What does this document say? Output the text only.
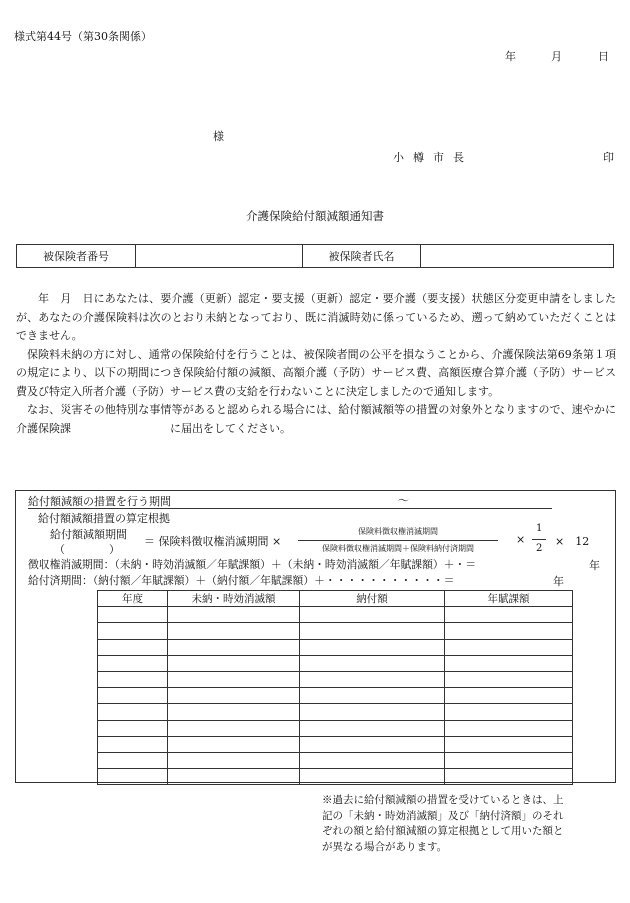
様式第44号（第30条関係）
年	月	日
様
小樽市長	印
介護保険給付額減額通知書
被保険者番号		被保険者氏名	

年　月　日にあなたは、要介護（更新）認定・要支援（更新）認定・要介護（要支援）状態区分変更申請をしましたが、あなたの介護保険料は次のとおり未納となっており、既に消滅時効に係っているため、遡って納めていただくことはできません。

保険料未納の方に対し、通常の保険給付を行うことは、被保険者間の公平を損なうことから、介護保険法第69条第１項の規定により、以下の期間につき保険給付額の減額、高額介護（予防）サービス費、高額医療合算介護（予防）サービス費及び特定入所者介護（予防）サービス費の支給を行わないことに決定しましたので通知します。

なお、災害その他特別な事情等があると認められる場合には、給付額減額等の措置の対象外となりますので、速やかに介護保険課　　　　　　　　　に届出をしてください。

給付額減額の措置を行う期間	〜
給付額減額措置の算定根拠
給付額減額期間
（　　　　）
＝ 保険料徴収権消滅期間 ×
保険料徴収権消滅期間
保険料徴収権消滅期間＋保険料納付済期間
×
1
2
×　12
徴収権消滅期間：（未納・時効消滅額／年賦課額）＋（未納・時効消滅額／年賦課額）＋・＝	年
給付済期間：（納付額／年賦課額）＋（納付額／年賦課額）＋・・・・・・・・・・・＝	年
年度	未納・時効消滅額	納付額	年賦課額

※過去に給付額減額の措置を受けているときは、上
記の「未納・時効消滅額」及び「納付済額」のそれ
ぞれの額と給付額減額の算定根拠として用いた額と
が異なる場合があります。
